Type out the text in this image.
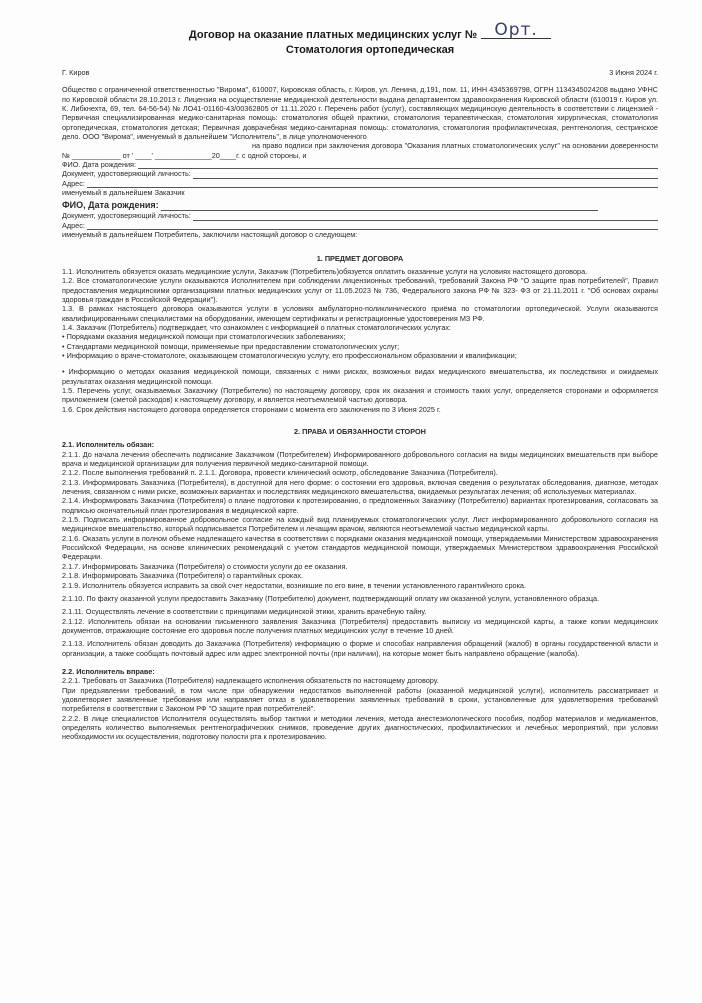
Договор на оказание платных медицинских услуг № Орт.
Стоматология ортопедическая
Г. Киров	3 Июня 2024 г.

Общество с ограниченной ответственностью "Вирома", 610007, Кировская область, г. Киров, ул. Ленина, д.191, пом. 11, ИНН 4345369798, ОГРН 1134345024208 выдано УФНС по Кировской области 28.10.2013 г. Лицензия на осуществление медицинской деятельности выдана департаментом здравоохранения Кировской области (610019 г. Киров ул. К. Либкнехта, 69, тел. 64-56-54) № ЛО41-01160-43/00362805 от 11.11.2020 г. Перечень работ (услуг), составляющих медицинскую деятельность в соответствии с лицензией - Первичная специализированная медико-санитарная помощь: стоматология общей практики, стоматология терапевтическая, стоматология хирургическая, стоматология ортопедическая, стоматология детская; Первичная доврачебная медико-санитарная помощь: стоматология, стоматология профилактическая, рентгенология, сестринское дело. ООО "Вирома", именуемый в дальнейшем "Исполнитель", в лице уполномоченного

на право подписи при заключения договора "Оказания платных стоматологических услуг" на основании доверенности № ____________ от ' ____' ______________20____г. с одной стороны, и

ФИО. Дата рождения:
Документ, удостоверяющий личность:
Адрес:

именуемый в дальнейшем Заказчик

ФИО, Дата рождения:
Документ, удостоверяющий личность:
Адрес:

именуемый в дальнейшем Потребитель, заключили настоящий договор о следующем:

1. ПРЕДМЕТ ДОГОВОРА

1.1. Исполнитель обязуется оказать медицинские услуги, Заказчик (Потребитель)обязуется оплатить оказанные услуги на условиях настоящего договора.

1.2. Все стоматологические услуги оказываются Исполнителем при соблюдении лицензионных требований, требований Закона РФ "О защите прав потребителей", Правил предоставления медицинскими организациями платных медицинских услуг от 11.05.2023 № 736, Федерального закона РФ № 323- ФЗ от 21.11.2011 г. "Об основах охраны здоровья граждан в Российской Федерации").

1.3. В рамках настоящего договора оказываются услуги в условиях амбулаторно-поликлинического приёма по стоматологии ортопедической. Услуги оказываются квалифицированными специалистами на оборудовании, имеющем сертификаты и регистрационные удостоверения МЗ РФ.

1.4. Заказчик (Потребитель) подтверждает, что ознакомлен с информацией о платных стоматологических услугах:

• Порядками оказания медицинской помощи при стоматологических заболеваниях;

• Стандартами медицинской помощи, применяемые при предоставлении стоматологических услуг;

• Информацию о враче-стоматологе, оказывающем стоматологическую услугу, его профессиональном образовании и квалификации;

• Информацию о методах оказания медицинской помощи, связанных с ними рисках, возможных видах медицинского вмешательства, их последствиях и ожидаемых результатах оказания медицинской помощи.

1.5. Перечень услуг, оказываемых Заказчику (Потребителю) по настоящему договору, срок их оказания и стоимость таких услуг, определяется сторонами и оформляется приложением (сметой расходов) к настоящему договору, и является неотъемлемой частью договора.

1.6. Срок действия настоящего договора определяется сторонами с момента его заключения по 3 Июня 2025 г.

2. ПРАВА И ОБЯЗАННОСТИ СТОРОН
2.1. Исполнитель обязан:

2.1.1. До начала лечения обеспечить подписание Заказчиком (Потребителем) Информированного добровольного согласия на виды медицинских вмешательств при выборе врача и медицинской организации для получения первичной медико-санитарной помощи.

2.1.2. После выполнения требований п. 2.1.1. Договора, провести клинический осмотр, обследование Заказчика (Потребителя).

2.1.3. Информировать Заказчика (Потребителя), в доступной для него форме: о состоянии его здоровья, включая сведения о результатах обследования, диагнозе, методах лечения, связанном с ними риске, возможных вариантах и последствиях медицинского вмешательства, ожидаемых результатах лечения; об используемых материалах.

2.1.4. Информировать Заказчика (Потребителя) о плане подготовки к протезированию, о предложенных Заказчику (Потребителю) вариантах протезирования, согласовать за подписью окончательный план протезирования в медицинской карте.

2.1.5. Подписать информированное добровольное согласие на каждый вид планируемых стоматологических услуг. Лист информированного добровольного согласия на медицинское вмешательство, который подписывается Потребителем и лечащим врачом, являются неотъемлемой частью медицинской карты.

2.1.6. Оказать услуги в полном объеме надлежащего качества в соответствии с порядками оказания медицинской помощи, утверждаемыми Министерством здравоохранения Российской Федерации, на основе клинических рекомендаций с учетом стандартов медицинской помощи, утверждаемых Министерством здравоохранения Российской Федерации.

2.1.7. Информировать Заказчика (Потребителя) о стоимости услуги до ее оказания.

2.1.8. Информировать Заказчика (Потребителя) о гарантийных сроках.

2.1.9. Исполнитель обязуется исправить за свой счет недостатки, возникшие по его вине, в течении установленного гарантийного срока.

2.1.10. По факту оказанной услуги предоставить Заказчику (Потребителю) документ, подтверждающий оплату им оказанной услуги, установленного образца.

2.1.11. Осуществлять лечение в соответствии с принципами медицинской этики, хранить врачебную тайну.

2.1.12. Исполнитель обязан на основании письменного заявления Заказчика (Потребителя) предоставить выписку из медицинской карты, а также копии медицинских документов, отражающие состояние его здоровья после получения платных медицинских услуг в течение 10 дней.

2.1.13. Исполнитель обязан доводить до Заказчика (Потребителя) информацию о форме и способах направления обращений (жалоб) в органы государственной власти и организации, а также сообщать почтовый адрес или адрес электронной почты (при наличии), на которые может быть направлено обращение (жалоба).

2.2. Исполнитель вправе:

2.2.1. Требовать от Заказчика (Потребителя) надлежащего исполнения обязательств по настоящему договору.

При предъявлении требований, в том числе при обнаружении недостатков выполненной работы (оказанной медицинской услуги), исполнитель рассматривает и удовлетворяет заявленные требования или направляет отказ в удовлетворении заявленных требований в сроки, установленные для удовлетворения требований потребителя в соответствии с Законом РФ "О защите прав потребителей".

2.2.2. В лице специалистов Исполнителя осуществлять выбор тактики и методики лечения, метода анестезиологического пособия, подбор материалов и медикаментов, определять количество выполняемых рентгенографических снимков, проведение других диагностических, профилактических и лечебных мероприятий, при условии необходимости их осуществления, подготовку полости рта к протезированию.
